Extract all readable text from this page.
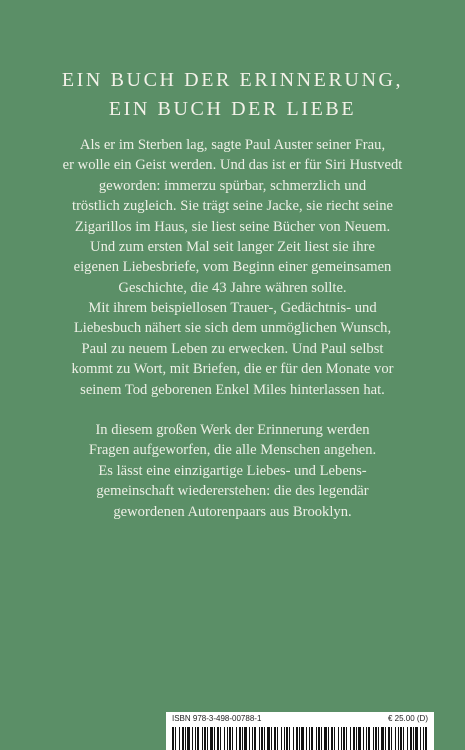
EIN BUCH DER ERINNERUNG,
EIN BUCH DER LIEBE
Als er im Sterben lag, sagte Paul Auster seiner Frau,
er wolle ein Geist werden. Und das ist er für Siri Hustvedt
geworden: immerzu spürbar, schmerzlich und
tröstlich zugleich. Sie trägt seine Jacke, sie riecht seine
Zigarillos im Haus, sie liest seine Bücher von Neuem.
Und zum ersten Mal seit langer Zeit liest sie ihre
eigenen Liebesbriefe, vom Beginn einer gemeinsamen
Geschichte, die 43 Jahre währen sollte.
Mit ihrem beispiellosen Trauer-, Gedächtnis- und
Liebesbuch nähert sie sich dem unmöglichen Wunsch,
Paul zu neuem Leben zu erwecken. Und Paul selbst
kommt zu Wort, mit Briefen, die er für den Monate vor
seinem Tod geborenen Enkel Miles hinterlassen hat.
In diesem großen Werk der Erinnerung werden
Fragen aufgeworfen, die alle Menschen angehen.
Es lässt eine einzigartige Liebes- und Lebens-
gemeinschaft wiedererstehen: die des legendär
gewordenen Autorenpaars aus Brooklyn.
ISBN 978-3-498-00788-1	€ 25.00 (D)
